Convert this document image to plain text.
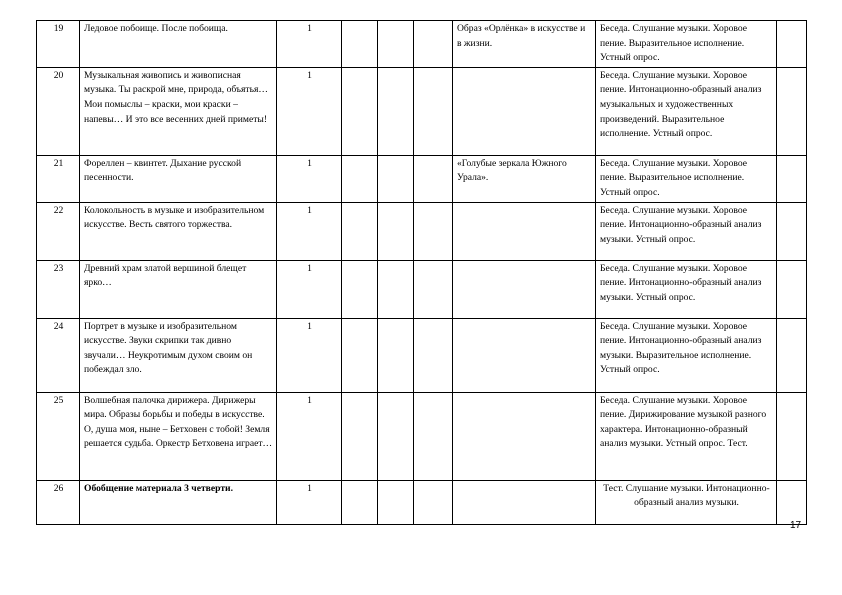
19	Ледовое побоище. После побоища.	1				Образ «Орлёнка» в искусстве и в жизни.	Беседа. Слушание музыки. Хоровое пение. Выразительное исполнение. Устный опрос.	
20	Музыкальная живопись и живописная музыка. Ты раскрой мне, природа, объятья… Мои помыслы – краски, мои краски – напевы… И это все весенних дней приметы!	1					Беседа. Слушание музыки. Хоровое пение. Интонационно-образный анализ музыкальных и художественных произведений. Выразительное исполнение. Устный опрос.	
21	Фореллен – квинтет. Дыхание русской песенности.	1				«Голубые зеркала Южного Урала».	Беседа. Слушание музыки. Хоровое пение. Выразительное исполнение. Устный опрос.	
22	Колокольность в музыке и изобразительном искусстве. Весть святого торжества.	1					Беседа. Слушание музыки. Хоровое пение. Интонационно-образный анализ музыки. Устный опрос.	
23	Древний храм златой вершиной блещет ярко…	1					Беседа. Слушание музыки. Хоровое пение. Интонационно-образный анализ музыки. Устный опрос.	
24	Портрет в музыке и изобразительном искусстве. Звуки скрипки так дивно звучали… Неукротимым духом своим он побеждал зло.	1					Беседа. Слушание музыки. Хоровое пение. Интонационно-образный анализ музыки. Выразительное исполнение. Устный опрос.	
25	Волшебная палочка дирижера. Дирижеры мира. Образы борьбы и победы в искусстве. О, душа моя, ныне – Бетховен с тобой! Земля решается судьба. Оркестр Бетховена играет…	1					Беседа. Слушание музыки. Хоровое пение. Дирижирование музыкой разного характера. Интонационно-образный анализ музыки. Устный опрос. Тест.	
26	Обобщение материала 3 четверти.	1					Тест. Слушание музыки. Интонационно-образный анализ музыки.	
17
